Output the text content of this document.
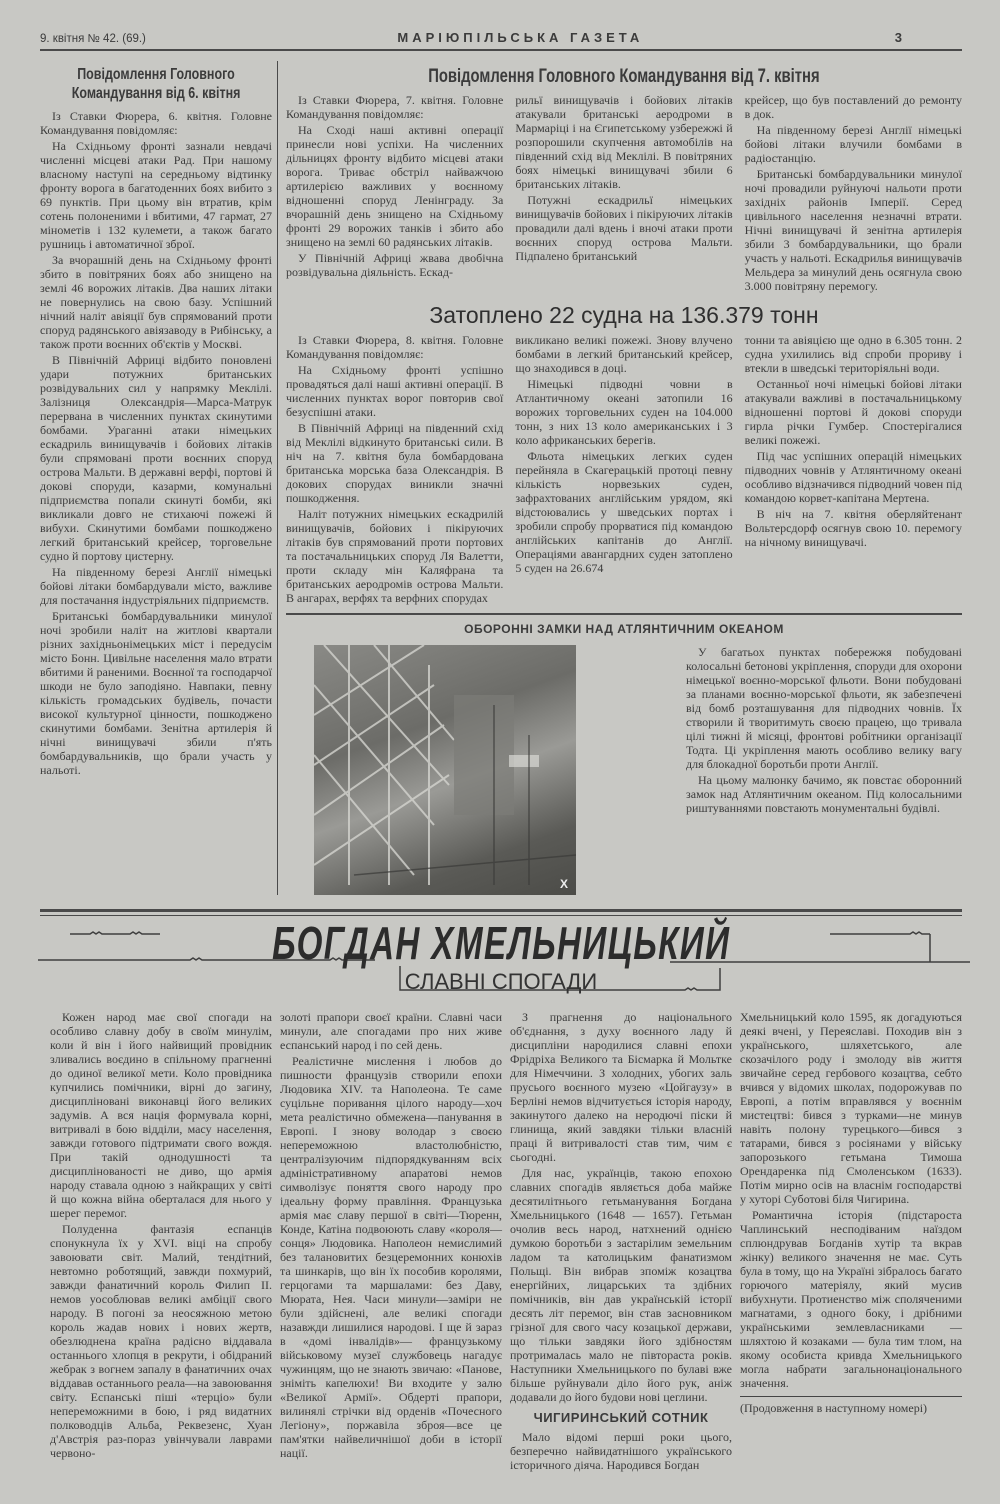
9. квітня № 42. (69.)	МАРІЮПІЛЬСЬКА ГАЗЕТА	3
Повідомлення Головного
Командування від 6. квітня

Із Ставки Фюрера, 6. квітня. Головне Командування повідомляє:

На Східньому фронті зазнали невдачі численні місцеві атаки Рад. При нашому власному наступі на середньому відтинку фронту ворога в багатоденних боях вибито з 69 пунктів. При цьому він втратив, крім сотень полоненими і вбитими, 47 гармат, 27 мінометів і 132 кулемети, а також багато рушниць і автоматичної зброї.

За вчорашній день на Східньому фронті збито в повітряних боях або знищено на землі 46 ворожих літаків. Два наших літаки не повернулись на свою базу. Успішний нічний наліт авіяції був спрямований проти споруд радянського авіязаводу в Рибінську, а також проти воєнних об'єктів у Москві.

В Північній Африці відбито поновлені удари потужних британських розвідувальних сил у напрямку Меклілі. Залізниця Олександрія—Марса-Матрук перервана в численних пунктах скинутими бомбами. Ураганні атаки німецьких ескадриль винищувачів і бойових літаків були спрямовані проти воєнних споруд острова Мальти. В державні верфі, портові й докові споруди, казарми, комунальні підприємства попали скинуті бомби, які викликали довго не стихаючі пожежі й вибухи. Скинутими бомбами пошкоджено легкий британський крейсер, торговельне судно й портову цистерну.

На південному березі Англії німецькі бойові літаки бомбардували місто, важливе для постачання індустріяльних підприємств.

Британські бомбардувальники минулої ночі зробили наліт на житлові квартали різних західньонімецьких міст і передусім місто Бонн. Цивільне населення мало втрати вбитими й раненими. Воєнної та господарчої шкоди не було заподіяно. Навпаки, певну кількість громадських будівель, почасти високої культурної цінности, пошкоджено скинутими бомбами. Зенітна артилерія й нічні винищувачі збили п'ять бомбардувальників, що брали участь у нальоті.

Повідомлення Головного Командування від 7. квітня

Із Ставки Фюрера, 7. квітня. Головне Командування повідомляє:

На Сході наші активні операції принесли нові успіхи. На численних дільницях фронту відбито місцеві атаки ворога. Триває обстріл найважчою артилерією важливих у воєнному відношенні споруд Ленінграду. За вчорашній день знищено на Східньому фронті 29 ворожих танків і збито або знищено на землі 60 радянських літаків.

У Північній Африці жвава двобічна розвідувальна діяльність. Ескад-

рильї винищувачів і бойових літаків атакували британські аеродроми в Мармаріці і на Єгипетському узбережжі й розпорошили скупчення автомобілів на південний схід від Меклілі. В повітряних боях німецькі винищувачі збили 6 британських літаків.

Потужні ескадрильї німецьких винищувачів бойових і пікіруючих літаків провадили далі вдень і вночі атаки проти воєнних споруд острова Мальти. Підпалено британський

крейсер, що був поставлений до ремонту в док.

На південному березі Англії німецькі бойові літаки влучили бомбами в радіостанцію.

Британські бомбардувальники минулої ночі провадили руйнуючі нальоти проти західніх районів Імперії. Серед цивільного населення незначні втрати. Нічні винищувачі й зенітна артилерія збили 3 бомбардувальники, що брали участь у нальоті. Ескадрилья винищувачів Мельдера за минулий день осягнула свою 3.000 повітряну перемогу.

Затоплено 22 судна на 136.379 тонн

Із Ставки Фюрера, 8. квітня. Головне Командування повідомляє:

На Східньому фронті успішно провадяться далі наші активні операції. В численних пунктах ворог повторив свої безуспішні атаки.

В Північній Африці на південний схід від Меклілі відкинуто британські сили. В ніч на 7. квітня була бомбардована британська морська база Олександрія. В докових спорудах виникли значні пошкодження.

Наліт потужних німецьких ескадрилій винищувачів, бойових і пікіруючих літаків був спрямований проти портових та постачальницьких споруд Ля Валетти, проти складу мін Каляфрана та британських аеродромів острова Мальти. В ангарах, верфях та верфних спорудах

викликано великі пожежі. Знову влучено бомбами в легкий британський крейсер, що знаходився в доці.

Німецькі підводні човни в Атлантичному океані затопили 16 ворожих торговельних суден на 104.000 тонн, з них 13 коло американських і 3 коло африканських берегів.

Фльота німецьких легких суден перейняла в Скагерацькій протоці певну кількість норвезьких суден, зафрахтованих англійським урядом, які відстоювались у шведських портах і зробили спробу прорватися під командою англійських капітанів до Англії. Операціями авангардних суден затоплено 5 суден на 26.674

тонни та авіяцією ще одно в 6.305 тонн. 2 судна ухилились від спроби прориву і втекли в шведські територіяльні води.

Останньої ночі німецькі бойові літаки атакували важливі в постачальницькому відношенні портові й докові споруди гирла річки Гумбер. Спостерігалися великі пожежі.

Під час успішних операцій німецьких підводних човнів у Атлянтичному океані особливо відзначився підводний човен під командою корвет-капітана Мертена.

В ніч на 7. квітня оберляйтенант Вольтерсдорф осягнув свою 10. перемогу на нічному винищувачі.

ОБОРОННІ ЗАМКИ НАД АТЛЯНТИЧНИМ ОКЕАНОМ
Х

У багатьох пунктах побережжя побудовані колосальні бетонові укріплення, споруди для охорони німецької воєнно-морської фльоти. Вони побудовані за планами воєнно-морської фльоти, як забезпечені від бомб розташування для підводних човнів. Їх створили й творитимуть своєю працею, що тривала цілі тижні й місяці, фронтові робітники організації Тодта. Ці укріплення мають особливо велику вагу для блокадної боротьби проти Англії.

На цьому малюнку бачимо, як повстає оборонний замок над Атлянтичним океаном. Під колосальними риштуваннями повстають монументальні будівлі.

БОГДАН ХМЕЛЬНИЦЬКИЙ
СЛАВНІ СПОГАДИ

Кожен народ має свої спогади на особливо славну добу в своїм минулім, коли й він і його найвищий провідник зливались воєдино в спільному прагненні до одиної великої мети. Коло провідника купчились помічники, вірні до загину, дисципліновані виконавці його великих задумів. А вся нація формувала корні, витривалі в бою відділи, масу населення, завжди готового підтримати свого вождя. При такій однодушності та дисциплінованості не диво, що армія народу ставала одною з найкращих у світі й що кожна війна оберталася для нього у шерег перемог.

Полуденна фантазія еспанців спонукнула їх у XVI. віці на спробу завоювати світ. Малий, тендітний, невтомно роботящий, завжди похмурий, завжди фанатичний король Филип II. немов уособлював великі амбіції свого народу. В погоні за неосяжною метою король жадав нових і нових жертв, обезлюднена країна радісно віддавала останнього хлопця в рекрути, і обідраний жебрак з вогнем запалу в фанатичних очах віддавав останнього реала—на завоювання світу. Еспанські піші «терціо» були непереможними в бою, і ряд видатних полководців Альба, Реквезенс, Хуан д'Австрія раз-пораз увінчували лаврами червоно-

золоті прапори своєї країни. Славні часи минули, але спогадами про них живе еспанський народ і по сей день.

Реалістичне мислення і любов до пишности французів створили епохи Людовика XIV. та Наполеона. Те саме суцільне поривання цілого народу—хоч мета реалістично обмежена—панування в Европі. І знову володар з своєю непереможною властолюбністю, централізуючим підпорядкуванням всіх адміністративному апаратові немов символізує поняття свого народу про ідеальну форму правління. Французька армія має славу першої в світі—Тюренн, Конде, Катіна подвоюють славу «короля—сонця» Людовика. Наполеон немислимий без талановитих безцеремонних конюхів та шинкарів, що він їх пособив королями, герцогами та маршалами: без Даву, Мюрата, Нея. Часи минули—заміри не були здійснені, але великі спогади назавжди лишилися народові. І ще й зараз в «домі інвалідів»— французькому військовому музеї службовець нагадує чужинцям, що не знають звичаю: «Панове, зніміть капелюхи! Ви входите у залю «Великої Армії». Обдерті прапори, вилинялі стрічки від орденів «Почесного Легіону», поржавіла зброя—все це пам'ятки найвеличнішої доби в історії нації.

З прагнення до національного об'єднання, з духу воєнного ладу й дисципліни народилися славні епохи Фрідріха Великого та Бісмарка й Мольтке для Німеччини. З холодних, убогих заль прусього воєнного музею «Цойгаузу» в Берліні немов відчитується історія народу, закинутого далеко на неродючі піски й глинища, який завдяки тільки власній праці й витривалості став тим, чим є сьогодні.

Для нас, українців, такою епохою славних спогадів являється доба майже десятилітнього гетьманування Богдана Хмельницького (1648 — 1657). Гетьман очолив весь народ, натхнений однією думкою боротьби з застарілим земельним ладом та католицьким фанатизмом Польщі. Він вибрав зпоміж козацтва енергійних, лицарських та здібних помічників, він дав українській історії десять літ перемог, він став засновником грізної для свого часу козацької держави, що тільки завдяки його здібностям протрималась мало не півтораста років. Наступники Хмельницького по булаві вже більше руйнували діло його рук, аніж додавали до його будови нові цеглини.

ЧИГИРИНСЬКИЙ СОТНИК

Мало відомі перші роки цього, безперечно найвидатнішого українського історичного діяча. Народився Богдан

Хмельницький коло 1595, як догадуються деякі вчені, у Переяславі. Походив він з українського, шляхетського, але скозачілого роду і змолоду вів життя звичайне серед гербового козацтва, себто вчився у відомих школах, подорожував по Европі, а потім вправлявся у воєннім мистецтві: бився з турками—не минув навіть полону турецького—бився з татарами, бився з росіянами у війську запорозького гетьмана Тимоша Орендаренка під Смоленськом (1633). Потім мирно осів на власнім господарстві у хуторі Суботові біля Чигирина.

Романтична історія (підстароста Чаплинський несподіваним наїздом сплюндрував Богданів хутір та вкрав жінку) великого значення не має. Суть була в тому, що на Україні зібралось багато горючого матеріялу, який мусив вибухнути. Протиенство між споляченими магнатами, з одного боку, і дрібними українськими землевласниками — шляхтою й козаками — була тим тлом, на якому особиста кривда Хмельницького могла набрати загальнонаціонального значення.

(Продовження в наступному номері)
